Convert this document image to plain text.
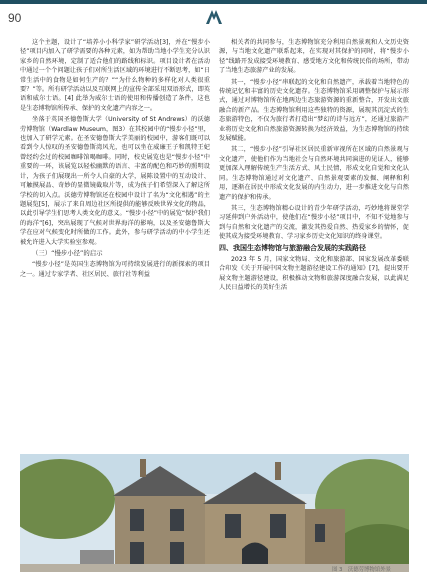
90

这个主题，设计了“培养小小科学家”研学活动[3]，并在“慢步小径”项目内加入了研学需要的各种元素，如为帮助当地小学生充分认识家乡的自然环境，定制了适合他们的路线和标识。项目设计者在活动中通过一个个问题让孩子们对所生活区域的环境进行不断思考，如“日常生活中的食物是如何生产的？”“为什么物种的多样化对人类很重要？”等。所有研学活动以及互联网上的宣传全部采用双语形式，即英语和威尔士语。[4] 此举为威尔士语的使用和传播创造了条件，这也是生态博物馆所传承、保护的文化遗产内容之一。

坐落于英国圣德鲁斯大学（University of St Andrews）的沃德劳博物馆（Wardlaw Museum，图3）在其校园中的“慢步小径”里，也加入了研学元素。在圣安德鲁斯大学美丽的校园中，游客们既可以看到令人惊叹的圣安德鲁斯湾风光，也可以坐在威廉王子和凯特王妃曾经约会过的校园咖啡馆喝咖啡。同时，校史展览也是“慢步小径”中重要的一环，该展览以轻松幽默的语言、丰富的配色和巧妙的照明设计，为孩子们展现出一所令人自豪的大学，展陈设置中的互动设计、可触摸展品、奇妙的显微镜截取片等，成为孩子们希望深入了解这所学校的切入点。沃德劳博物馆还在校园中设计了名为“文化相遇”的主题展览[5]，展示了来自周边社区所提供的能够反映世界文化的物品，以此引导学生们思考人类文化的意义。“慢步小径”中的展览“保护我们的海洋”[6]，突出展现了气候对世界海洋的影响，以及圣安德鲁斯大学在应对气候变化时所做的工作。此外，参与研学活动的中小学生还被允许进入大学实验室参观。

（三）“慢步小径”的启示

“慢步小径”是英国生态博物馆为可持续发展进行的新探索的项目之一。通过专家学者、社区居民、旅行社等利益

相关者的共同参与，生态博物馆充分利用自然景观和人文历史资源，与当地文化遗产联系起来，在实现对其保护的同时，将“慢步小径”线路开发成接受环境教育、感受地方文化和传统民俗的场所，带动了当地生态旅游产业的发展。

其一，“慢步小径”串联起的文化和自然遗产，承载着当地特色的传统记忆和丰富的历史文化遗存。生态博物馆采用调整保护与展示形式，通过对博物馆所在地两边生态旅游资源的重新整合，开发出文旅融合的新产品。生态博物馆利用这些独特的资源，展现其沉淀式的生态旅游特色，不仅为旅行者打造出“梦幻的诗与远方”，还通过旅游产业将历史文化和自然旅游资源转换为经济效益，为生态博物馆的持续发展赋能。

其二，“慢步小径”引导社区居民重新审视所在区域的自然景观与文化遗产，使他们作为当地社会与自然环境共同演进的见证人，能够更加深入理解传统生产生活方式、风土民情，形成文化自觉和文化认同。生态博物馆通过对文化遗产、自然景观要素的发掘、阐释和利用，逐渐在居民中形成文化发展的内生动力，进一步推进文化与自然遗产的保护和传承。

其三，生态博物馆精心设计的青少年研学活动，巧妙地将课堂学习延伸到户外活动中，使他们在“慢步小径”项目中，不知不觉地参与到与自然和文化遗产的交流，激发其热爱自然、热爱家乡的情怀，促使其成为接受环境教育、学习家乡历史文化知识的终身课堂。

四、我国生态博物馆与旅游融合发展的实践路径

2023 年 5 月，国家文物局、文化和旅游部、国家发展改革委联合印发《关于开展中国文物主题游径建设工作的通知》[7]，提出要开展文物主题游径建设，积极推动文物和旅游深度融合发展，以此满足人民日益增长的美好生活

图 3　沃德劳博物馆外景
